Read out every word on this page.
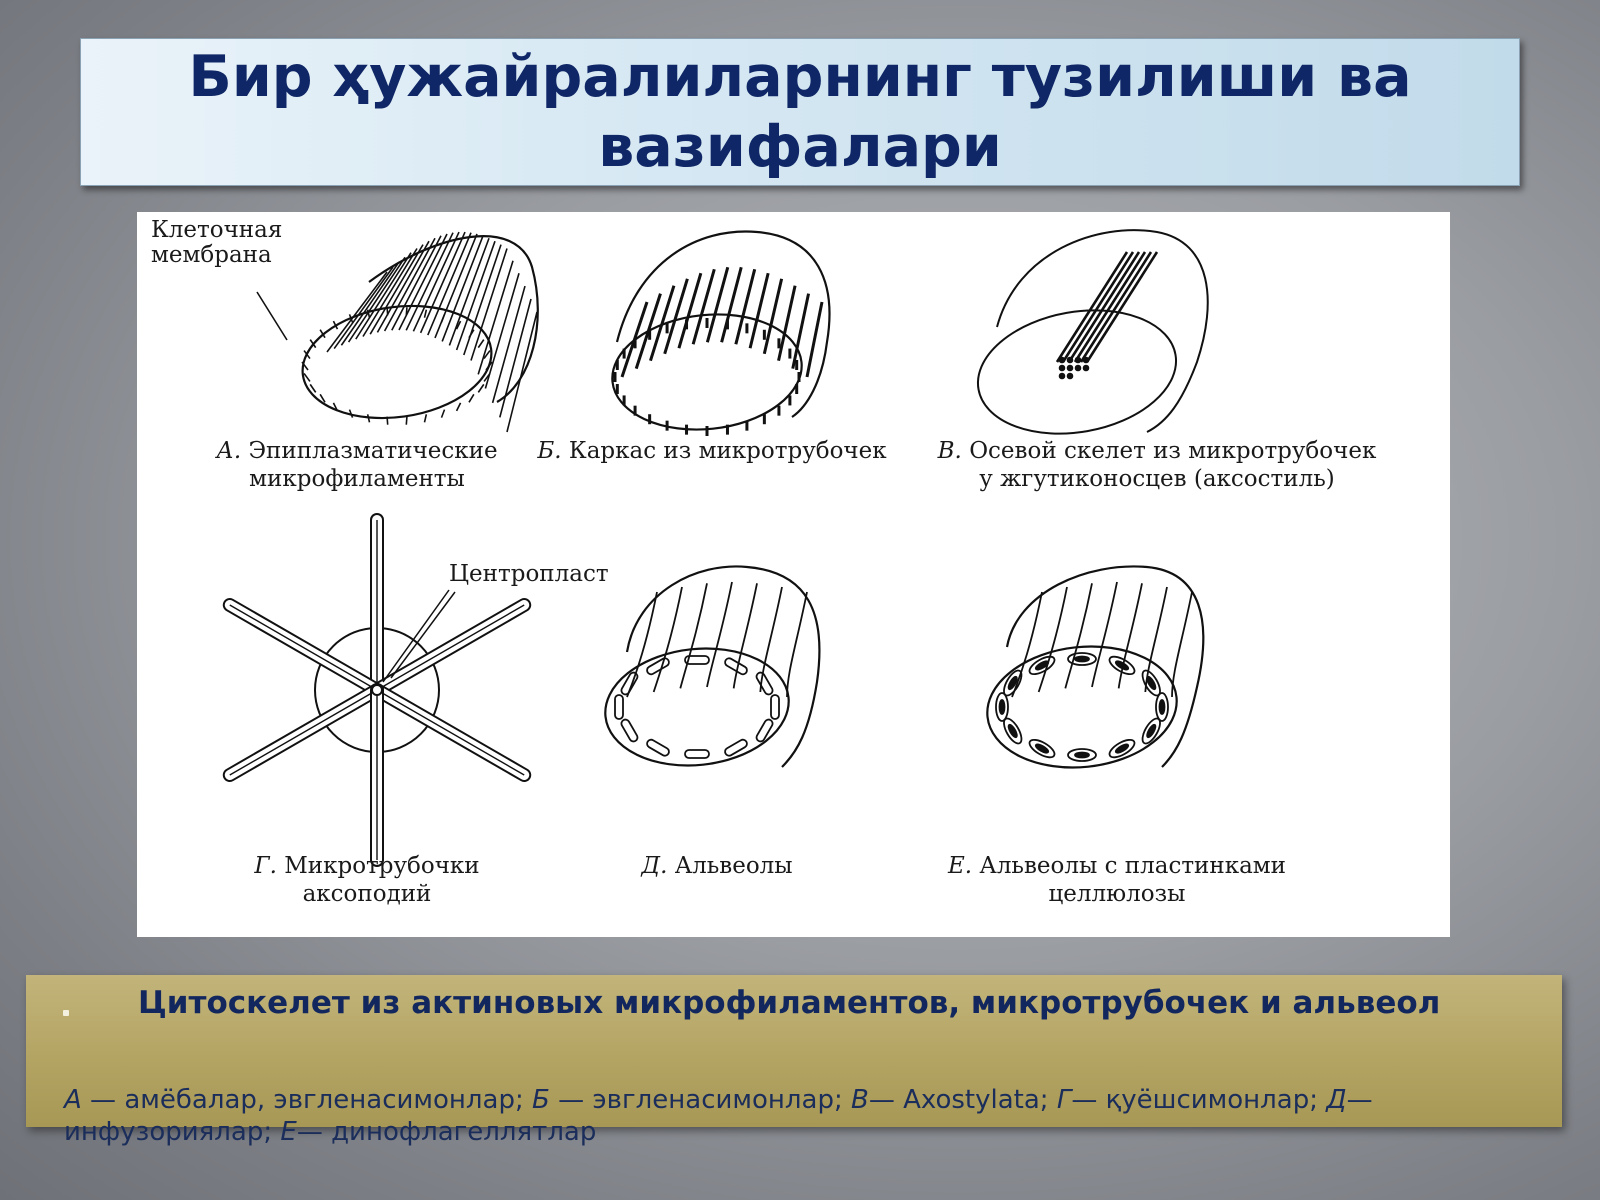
Бир ҳужайралиларнинг тузилиши ва вазифалари
Клеточная
мембрана
Центропласт
А. Эпиплазматические
микрофиламенты
Б. Каркас из микротрубочек	В. Осевой скелет из микротрубочек
у жгутиконосцев (аксостиль)
Г. Микротрубочки
аксоподий
Д. Альвеолы	Е. Альвеолы с пластинками
целлюлозы
Цитоскелет из актиновых микрофиламентов, микротрубочек и альвеол
А — амёбалар, эвгленасимонлар; Б — эвгленасимонлар; В— Axostylata; Г— қуёшсимонлар; Д— инфузориялар; Е— динофлагеллятлар
